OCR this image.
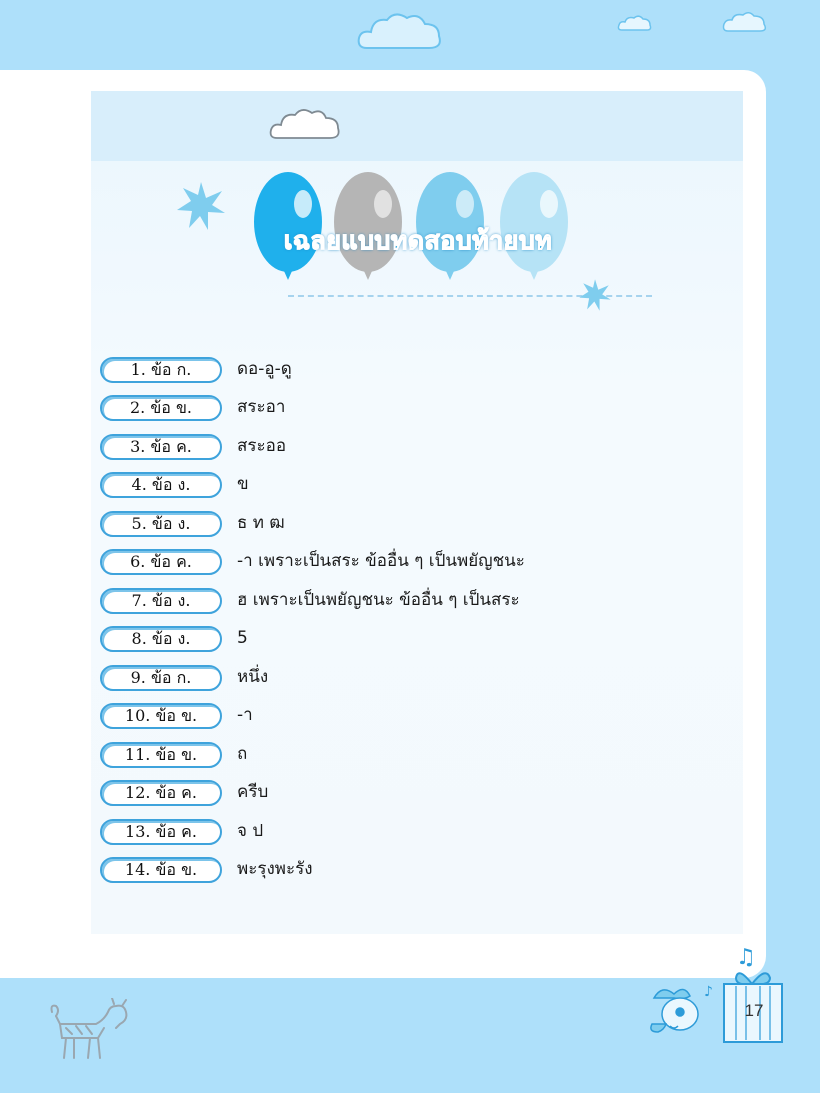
เฉลยแบบทดสอบท้ายบท
1. ข้อ ก.	ดอ-อู-ดู
2. ข้อ ข.	สระอา
3. ข้อ ค.	สระออ
4. ข้อ ง.	ข
5. ข้อ ง.	ธ ท ฒ
6. ข้อ ค.	-า เพราะเป็นสระ ข้ออื่น ๆ เป็นพยัญชนะ
7. ข้อ ง.	ฮ เพราะเป็นพยัญชนะ ข้ออื่น ๆ เป็นสระ
8. ข้อ ง.	5
9. ข้อ ก.	หนึ่ง
10. ข้อ ข.	-า
11. ข้อ ข.	ถ
12. ข้อ ค.	ครีบ
13. ข้อ ค.	จ ป
14. ข้อ ข.	พะรุงพะรัง
♪
♫
17
